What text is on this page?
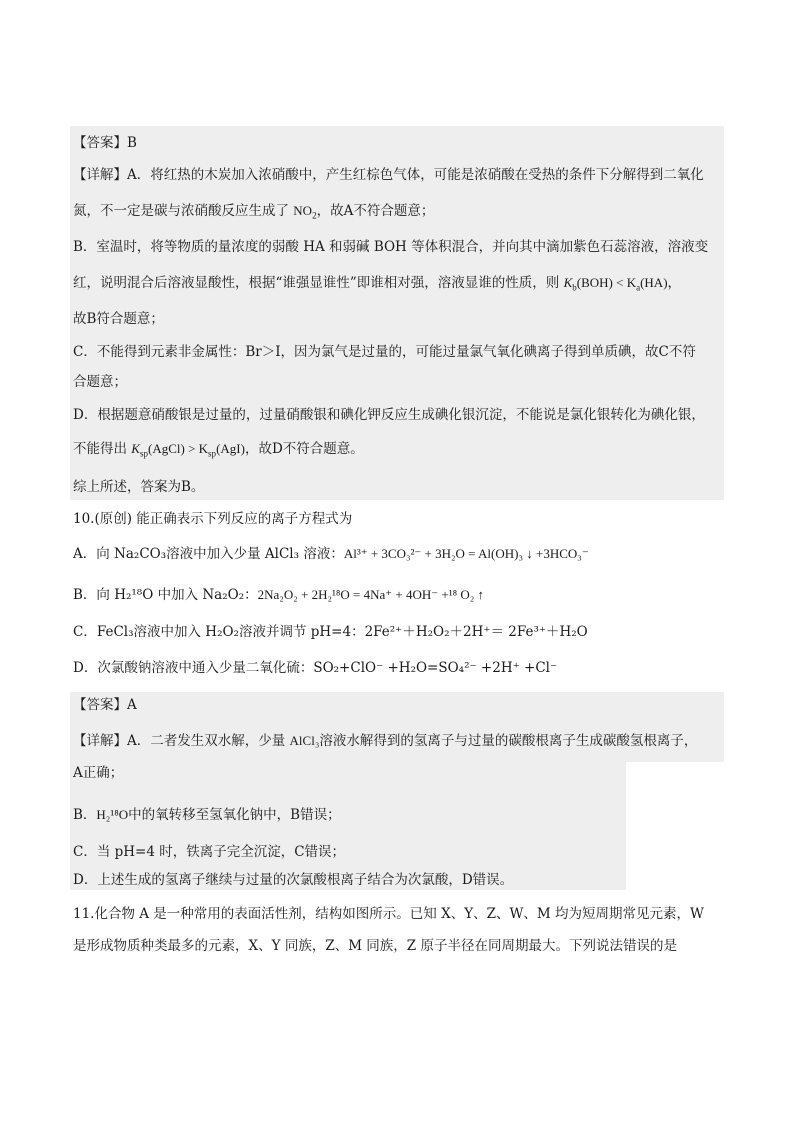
【答案】B
【详解】A．将红热的木炭加入浓硝酸中，产生红棕色气体，可能是浓硝酸在受热的条件下分解得到二氧化
氮，不一定是碳与浓硝酸反应生成了 $NO_2$，故A不符合题意；
B．室温时，将等物质的量浓度的弱酸 HA 和弱碱 BOH 等体积混合，并向其中滴加紫色石蕊溶液，溶液变
红，说明混合后溶液显酸性，根据“谁强显谁性”即谁相对强，溶液显谁的性质，则 $K_b(BOH) < K_a(HA)$，
故B符合题意；
C．不能得到元素非金属性：Br＞I，因为氯气是过量的，可能过量氯气氧化碘离子得到单质碘，故C不符
合题意；
D．根据题意硝酸银是过量的，过量硝酸银和碘化钾反应生成碘化银沉淀，不能说是氯化银转化为碘化银，
不能得出 $K_{sp}(AgCl) > K_{sp}(AgI)$，故D不符合题意。
综上所述，答案为B。
10.(原创) 能正确表示下列反应的离子方程式为
A．向 Na₂CO₃溶液中加入少量 AlCl₃ 溶液：Al³⁺ + 3CO₃²⁻ + 3H₂O = Al(OH)₃ ↓ +3HCO₃⁻
B．向 H₂¹⁸O 中加入 Na₂O₂：2Na₂O₂ + 2H₂¹⁸O = 4Na⁺ + 4OH⁻ +¹⁸ O₂ ↑
C．FeCl₃溶液中加入 H₂O₂溶液并调节 pH=4：2Fe²⁺＋H₂O₂＋2H⁺＝ 2Fe³⁺＋H₂O
D．次氯酸钠溶液中通入少量二氧化硫：SO₂+ClO⁻ +H₂O=SO₄²⁻ +2H⁺ +Cl⁻
【答案】A
【详解】A．二者发生双水解，少量 AlCl₃溶液水解得到的氢离子与过量的碳酸根离子生成碳酸氢根离子，
A正确；
B．H₂¹⁸O中的氧转移至氢氧化钠中，B错误；
C．当 pH=4 时，铁离子完全沉淀，C错误；
D．上述生成的氢离子继续与过量的次氯酸根离子结合为次氯酸，D错误。
11.化合物 A 是一种常用的表面活性剂，结构如图所示。已知 X、Y、Z、W、M 均为短周期常见元素，W
是形成物质种类最多的元素，X、Y 同族，Z、M 同族，Z 原子半径在同周期最大。下列说法错误的是
